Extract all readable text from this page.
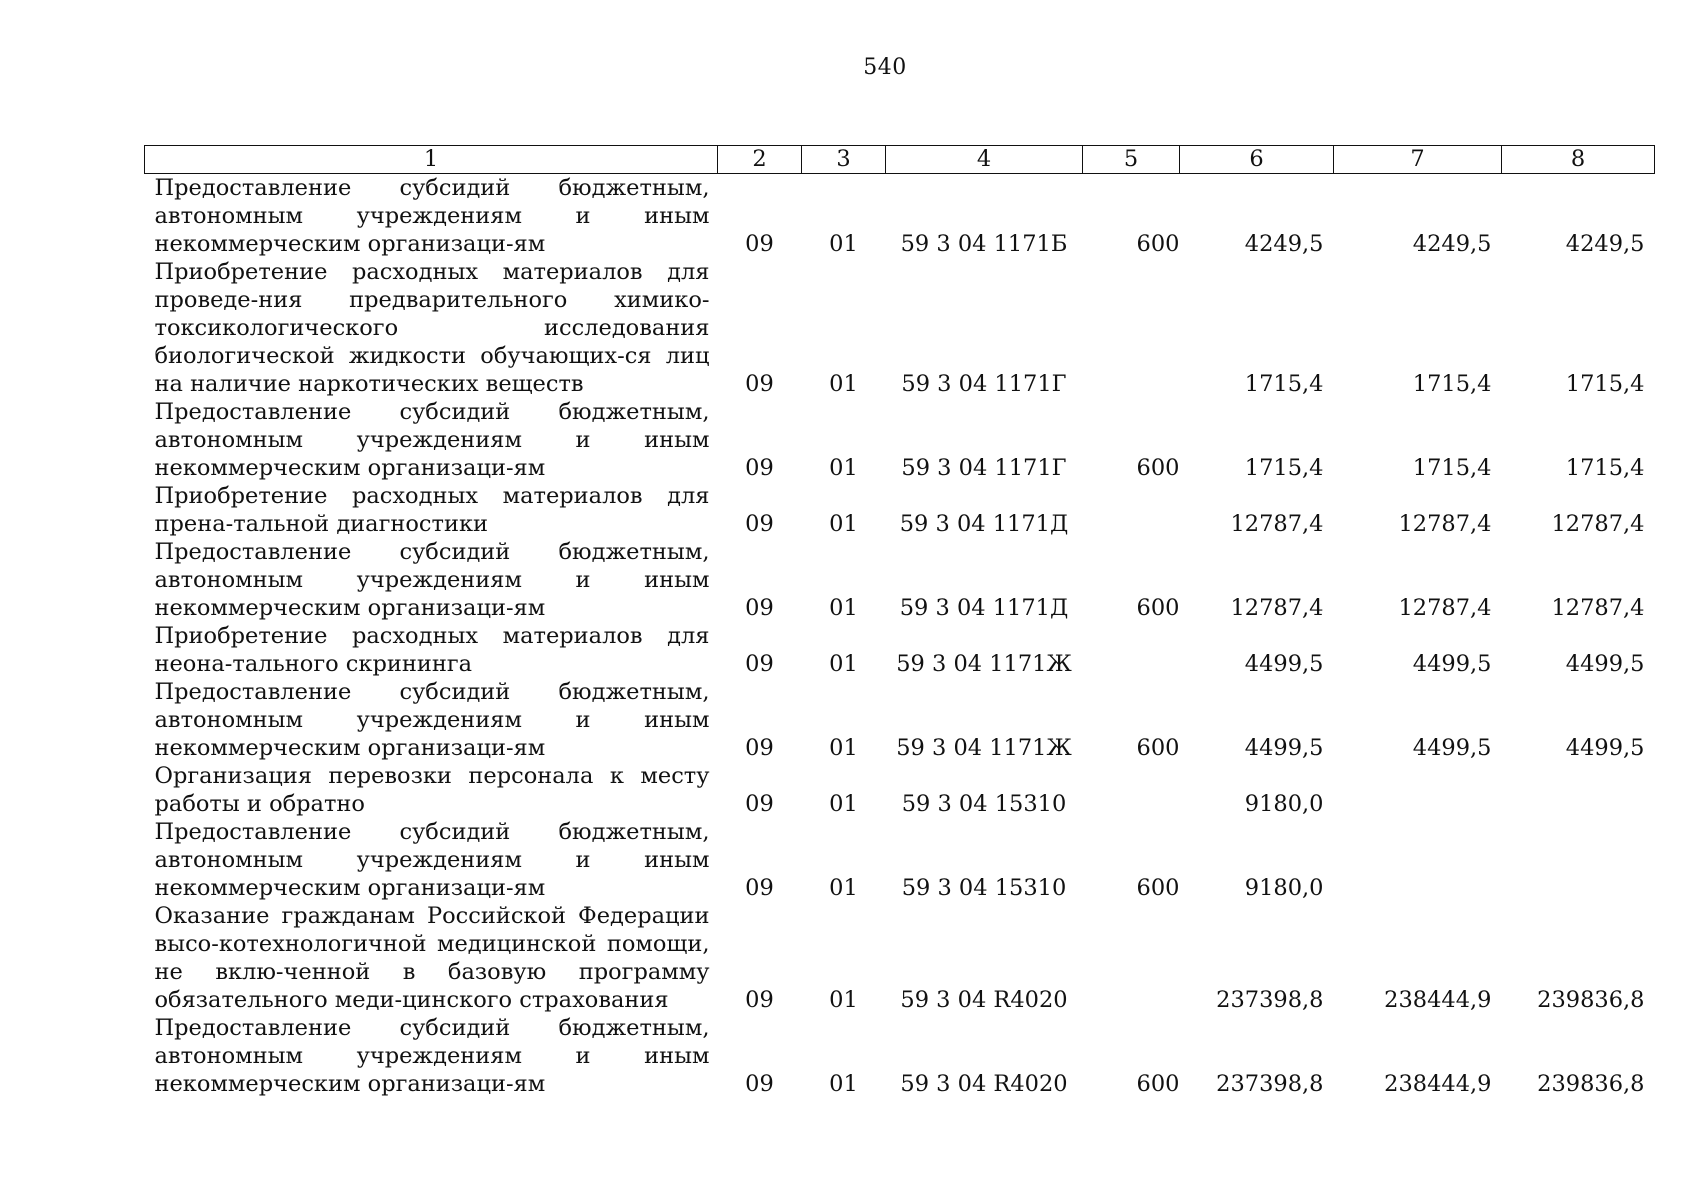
540
1	2	3	4	5	6	7	8
Предоставление субсидий бюджетным, автономным учреждениям и иным некоммерческим организаци-ям	09	01	59 3 04 1171Б	600	4249,5	4249,5	4249,5
Приобретение расходных материалов для проведе-ния предварительного химико-токсикологического исследования биологической жидкости обучающих-ся лиц на наличие наркотических веществ	09	01	59 3 04 1171Г		1715,4	1715,4	1715,4
Предоставление субсидий бюджетным, автономным учреждениям и иным некоммерческим организаци-ям	09	01	59 3 04 1171Г	600	1715,4	1715,4	1715,4
Приобретение расходных материалов для прена-тальной диагностики	09	01	59 3 04 1171Д		12787,4	12787,4	12787,4
Предоставление субсидий бюджетным, автономным учреждениям и иным некоммерческим организаци-ям	09	01	59 3 04 1171Д	600	12787,4	12787,4	12787,4
Приобретение расходных материалов для неона-тального скрининга	09	01	59 3 04 1171Ж		4499,5	4499,5	4499,5
Предоставление субсидий бюджетным, автономным учреждениям и иным некоммерческим организаци-ям	09	01	59 3 04 1171Ж	600	4499,5	4499,5	4499,5
Организация перевозки персонала к месту работы и обратно	09	01	59 3 04 15310		9180,0		
Предоставление субсидий бюджетным, автономным учреждениям и иным некоммерческим организаци-ям	09	01	59 3 04 15310	600	9180,0		
Оказание гражданам Российской Федерации высо-котехнологичной медицинской помощи, не вклю-ченной в базовую программу обязательного меди-цинского страхования	09	01	59 3 04 R4020		237398,8	238444,9	239836,8
Предоставление субсидий бюджетным, автономным учреждениям и иным некоммерческим организаци-ям	09	01	59 3 04 R4020	600	237398,8	238444,9	239836,8
